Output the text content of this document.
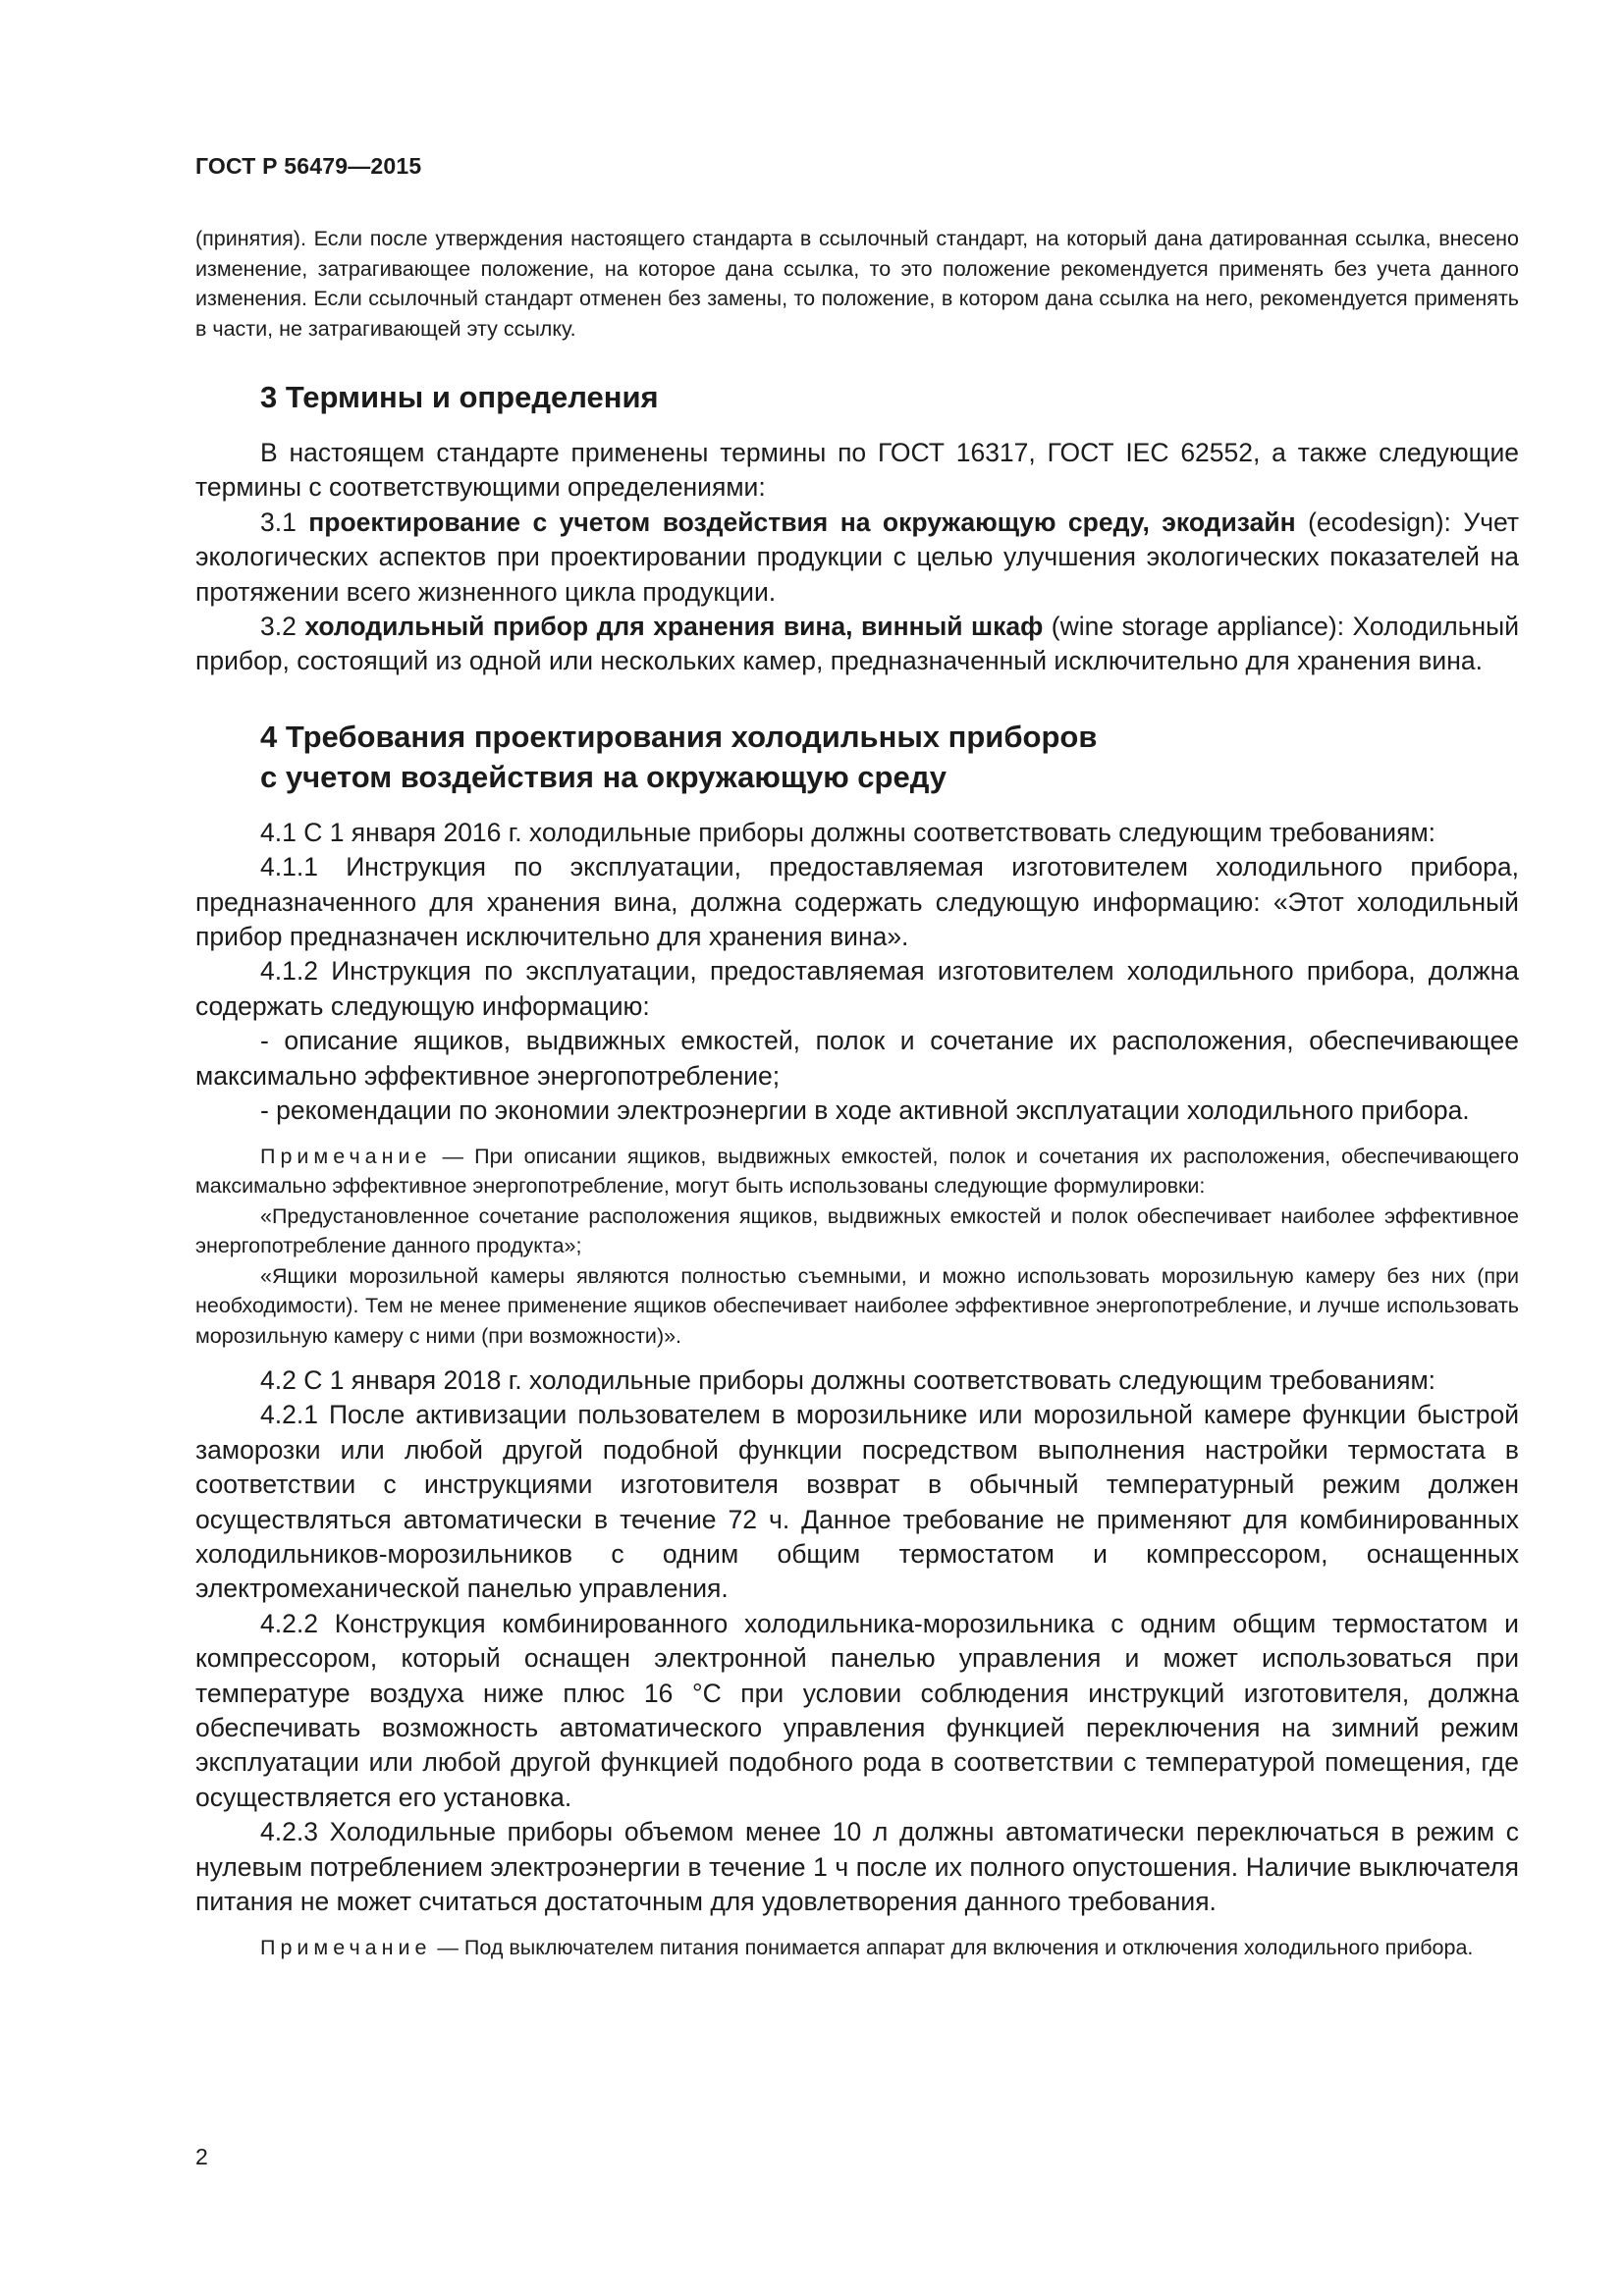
ГОСТ Р 56479—2015

(принятия). Если после утверждения настоящего стандарта в ссылочный стандарт, на который дана датированная ссылка, внесено изменение, затрагивающее положение, на которое дана ссылка, то это положение рекомендуется применять без учета данного изменения. Если ссылочный стандарт отменен без замены, то положение, в котором дана ссылка на него, рекомендуется применять в части, не затрагивающей эту ссылку.

3 Термины и определения

В настоящем стандарте применены термины по ГОСТ 16317, ГОСТ IEC 62552, а также следующие термины с соответствующими определениями:

3.1 проектирование с учетом воздействия на окружающую среду, экодизайн (ecodesign): Учет экологических аспектов при проектировании продукции с целью улучшения экологических показателей на протяжении всего жизненного цикла продукции.

3.2 холодильный прибор для хранения вина, винный шкаф (wine storage appliance): Холодильный прибор, состоящий из одной или нескольких камер, предназначенный исключительно для хранения вина.

4 Требования проектирования холодильных приборов
с учетом воздействия на окружающую среду

4.1 С 1 января 2016 г. холодильные приборы должны соответствовать следующим требованиям:

4.1.1 Инструкция по эксплуатации, предоставляемая изготовителем холодильного прибора, предназначенного для хранения вина, должна содержать следующую информацию: «Этот холодильный прибор предназначен исключительно для хранения вина».

4.1.2 Инструкция по эксплуатации, предоставляемая изготовителем холодильного прибора, должна содержать следующую информацию:

- описание ящиков, выдвижных емкостей, полок и сочетание их расположения, обеспечивающее максимально эффективное энергопотребление;

- рекомендации по экономии электроэнергии в ходе активной эксплуатации холодильного прибора.

Примечание — При описании ящиков, выдвижных емкостей, полок и сочетания их расположения, обеспечивающего максимально эффективное энергопотребление, могут быть использованы следующие формулировки:

«Предустановленное сочетание расположения ящиков, выдвижных емкостей и полок обеспечивает наиболее эффективное энергопотребление данного продукта»;

«Ящики морозильной камеры являются полностью съемными, и можно использовать морозильную камеру без них (при необходимости). Тем не менее применение ящиков обеспечивает наиболее эффективное энергопотребление, и лучше использовать морозильную камеру с ними (при возможности)».

4.2 С 1 января 2018 г. холодильные приборы должны соответствовать следующим требованиям:

4.2.1 После активизации пользователем в морозильнике или морозильной камере функции быстрой заморозки или любой другой подобной функции посредством выполнения настройки термостата в соответствии с инструкциями изготовителя возврат в обычный температурный режим должен осуществляться автоматически в течение 72 ч. Данное требование не применяют для комбинированных холодильников-морозильников с одним общим термостатом и компрессором, оснащенных электромеханической панелью управления.

4.2.2 Конструкция комбинированного холодильника-морозильника с одним общим термостатом и компрессором, который оснащен электронной панелью управления и может использоваться при температуре воздуха ниже плюс 16 °С при условии соблюдения инструкций изготовителя, должна обеспечивать возможность автоматического управления функцией переключения на зимний режим эксплуатации или любой другой функцией подобного рода в соответствии с температурой помещения, где осуществляется его установка.

4.2.3 Холодильные приборы объемом менее 10 л должны автоматически переключаться в режим с нулевым потреблением электроэнергии в течение 1 ч после их полного опустошения. Наличие выключателя питания не может считаться достаточным для удовлетворения данного требования.

Примечание — Под выключателем питания понимается аппарат для включения и отключения холодильного прибора.

2
